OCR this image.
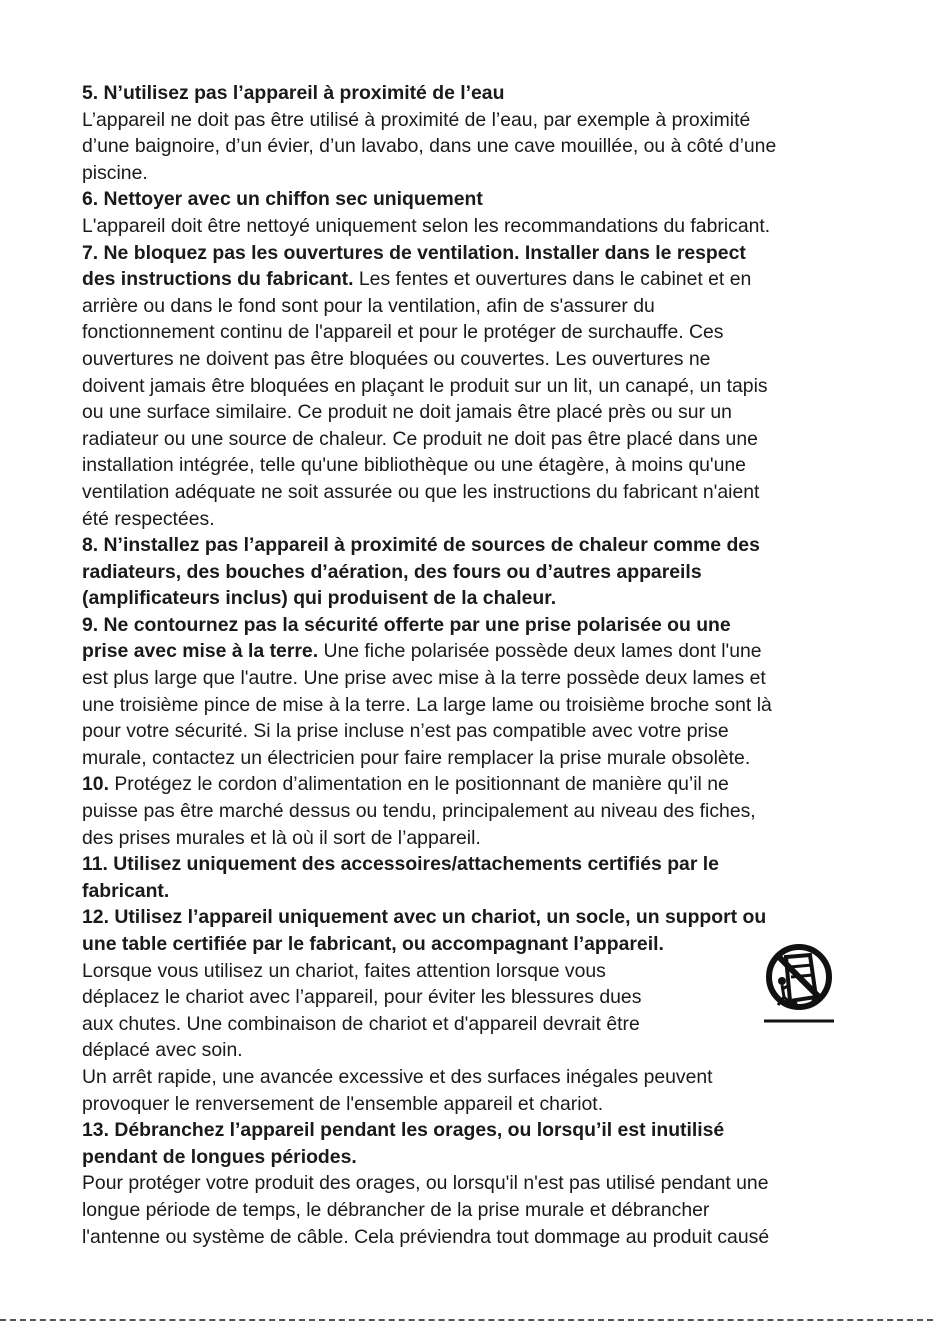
5. N’utilisez pas l’appareil à proximité de l’eau
L’appareil ne doit pas être utilisé à proximité de l’eau, par exemple à proximité
d’une baignoire, d’un évier, d’un lavabo, dans une cave mouillée, ou à côté d’une
piscine.
6. Nettoyer avec un chiffon sec uniquement
L'appareil doit être nettoyé uniquement selon les recommandations du fabricant.
7. Ne bloquez pas les ouvertures de ventilation. Installer dans le respect
des instructions du fabricant. Les fentes et ouvertures dans le cabinet et en
arrière ou dans le fond sont pour la ventilation, afin de s'assurer du
fonctionnement continu de l'appareil et pour le protéger de surchauffe. Ces
ouvertures ne doivent pas être bloquées ou couvertes. Les ouvertures ne
doivent jamais être bloquées en plaçant le produit sur un lit, un canapé, un tapis
ou une surface similaire. Ce produit ne doit jamais être placé près ou sur un
radiateur ou une source de chaleur. Ce produit ne doit pas être placé dans une
installation intégrée, telle qu'une bibliothèque ou une étagère, à moins qu'une
ventilation adéquate ne soit assurée ou que les instructions du fabricant n'aient
été respectées.
8. N’installez pas l’appareil à proximité de sources de chaleur comme des
radiateurs, des bouches d’aération, des fours ou d’autres appareils
(amplificateurs inclus) qui produisent de la chaleur.
9. Ne contournez pas la sécurité offerte par une prise polarisée ou une
prise avec mise à la terre. Une fiche polarisée possède deux lames dont l'une
est plus large que l'autre. Une prise avec mise à la terre possède deux lames et
une troisième pince de mise à la terre. La large lame ou troisième broche sont là
pour votre sécurité. Si la prise incluse n’est pas compatible avec votre prise
murale, contactez un électricien pour faire remplacer la prise murale obsolète.
10. Protégez le cordon d’alimentation en le positionnant de manière qu’il ne
puisse pas être marché dessus ou tendu, principalement au niveau des fiches,
des prises murales et là où il sort de l’appareil.
11. Utilisez uniquement des accessoires/attachements certifiés par le
fabricant.
12. Utilisez l’appareil uniquement avec un chariot, un socle, un support ou
une table certifiée par le fabricant, ou accompagnant l’appareil.
Lorsque vous utilisez un chariot, faites attention lorsque vous
déplacez le chariot avec l’appareil, pour éviter les blessures dues
aux chutes. Une combinaison de chariot et d'appareil devrait être
déplacé avec soin.
Un arrêt rapide, une avancée excessive et des surfaces inégales peuvent
provoquer le renversement de l'ensemble appareil et chariot.
13. Débranchez l’appareil pendant les orages, ou lorsqu’il est inutilisé
pendant de longues périodes.
Pour protéger votre produit des orages, ou lorsqu'il n'est pas utilisé pendant une
longue période de temps, le débrancher de la prise murale et débrancher
l'antenne ou système de câble. Cela préviendra tout dommage au produit causé
